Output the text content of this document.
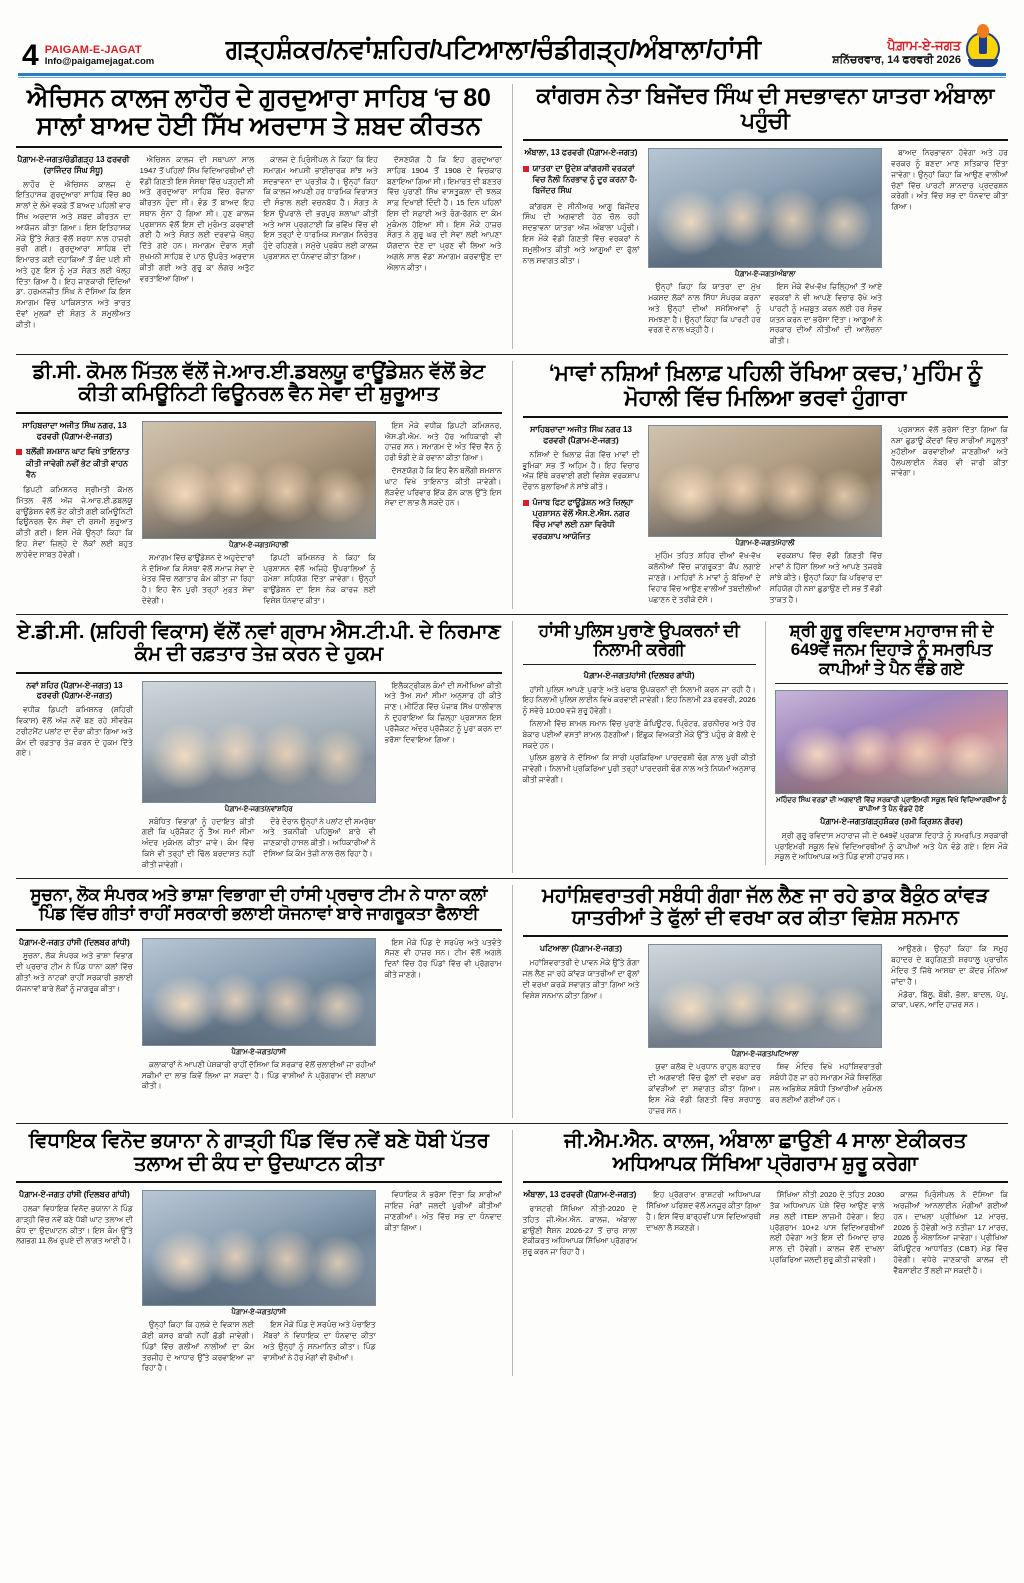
4 PAIGAM-E-JAGAT
Info@paigamejagat.com	ਗੜ੍ਹਸ਼ੰਕਰ/ਨਵਾਂਸ਼ਹਿਰ/ਪਟਿਆਲਾ/ਚੰਡੀਗੜ੍ਹ/ਅੰਬਾਲਾ/ਹਾਂਸੀ	ਪੈਗ਼ਾਮ-ਏ-ਜਗਤ
ਸ਼ਨਿੱਚਰਵਾਰ, 14 ਫਰਵਰੀ 2026
ਐਚਿਸਨ ਕਾਲਜ ਲਾਹੌਰ ਦੇ ਗੁਰਦੁਆਰਾ ਸਾਹਿਬ ‘ਚ 80 ਸਾਲਾਂ ਬਾਅਦ ਹੋਈ ਸਿੱਖ ਅਰਦਾਸ ਤੇ ਸ਼ਬਦ ਕੀਰਤਨ
ਪੈਗ਼ਾਮ-ਏ-ਜਗਤ/ਚੰਡੀਗੜ੍ਹ 13 ਫਰਵਰੀ (ਰਾਜਿੰਦਰ ਸਿੰਘ ਸੰਧੂ)

ਲਾਹੌਰ ਦੇ ਐਚਿਸਨ ਕਾਲਜ ਦੇ ਇਤਿਹਾਸਕ ਗੁਰਦੁਆਰਾ ਸਾਹਿਬ ਵਿੱਚ 80 ਸਾਲਾਂ ਦੇ ਲੰਮੇ ਵਕਫ਼ੇ ਤੋਂ ਬਾਅਦ ਪਹਿਲੀ ਵਾਰ ਸਿੱਖ ਅਰਦਾਸ ਅਤੇ ਸ਼ਬਦ ਕੀਰਤਨ ਦਾ ਆਯੋਜਨ ਕੀਤਾ ਗਿਆ। ਇਸ ਇਤਿਹਾਸਕ ਮੌਕੇ ਉੱਤੇ ਸੰਗਤ ਵੱਲੋਂ ਸ਼ਰਧਾ ਨਾਲ ਹਾਜ਼ਰੀ ਭਰੀ ਗਈ। ਗੁਰਦੁਆਰਾ ਸਾਹਿਬ ਦੀ ਇਮਾਰਤ ਕਈ ਦਹਾਕਿਆਂ ਤੋਂ ਬੰਦ ਪਈ ਸੀ ਅਤੇ ਹੁਣ ਇਸ ਨੂੰ ਮੁੜ ਸੰਗਤ ਲਈ ਖੋਲ੍ਹ ਦਿੱਤਾ ਗਿਆ ਹੈ। ਇਹ ਜਾਣਕਾਰੀ ਦਿੰਦਿਆਂ ਡਾ. ਹਰਮਨਜੀਤ ਸਿੰਘ ਨੇ ਦੱਸਿਆ ਕਿ ਇਸ ਸਮਾਗਮ ਵਿੱਚ ਪਾਕਿਸਤਾਨ ਅਤੇ ਭਾਰਤ ਦੋਵਾਂ ਮੁਲਕਾਂ ਦੀ ਸੰਗਤ ਨੇ ਸ਼ਮੂਲੀਅਤ ਕੀਤੀ।

ਐਚਿਸਨ ਕਾਲਜ ਦੀ ਸਥਾਪਨਾ ਸਾਲ 1947 ਤੋਂ ਪਹਿਲਾਂ ਸਿੱਖ ਵਿਦਿਆਰਥੀਆਂ ਦੀ ਵੱਡੀ ਗਿਣਤੀ ਇਸ ਸੰਸਥਾ ਵਿੱਚ ਪੜ੍ਹਦੀ ਸੀ ਅਤੇ ਗੁਰਦੁਆਰਾ ਸਾਹਿਬ ਵਿੱਚ ਰੋਜ਼ਾਨਾ ਕੀਰਤਨ ਹੁੰਦਾ ਸੀ। ਵੰਡ ਤੋਂ ਬਾਅਦ ਇਹ ਸਥਾਨ ਸੁੰਨਾ ਹੋ ਗਿਆ ਸੀ। ਹੁਣ ਕਾਲਜ ਪ੍ਰਸ਼ਾਸਨ ਵੱਲੋਂ ਇਸ ਦੀ ਮੁਰੰਮਤ ਕਰਵਾਈ ਗਈ ਹੈ ਅਤੇ ਸੰਗਤ ਲਈ ਦਰਵਾਜ਼ੇ ਖੋਲ੍ਹ ਦਿੱਤੇ ਗਏ ਹਨ। ਸਮਾਗਮ ਦੌਰਾਨ ਸ੍ਰੀ ਸੁਖਮਨੀ ਸਾਹਿਬ ਦੇ ਪਾਠ ਉਪਰੰਤ ਅਰਦਾਸ ਕੀਤੀ ਗਈ ਅਤੇ ਗੁਰੂ ਕਾ ਲੰਗਰ ਅਤੁੱਟ ਵਰਤਾਇਆ ਗਿਆ।

ਕਾਲਜ ਦੇ ਪ੍ਰਿੰਸੀਪਲ ਨੇ ਕਿਹਾ ਕਿ ਇਹ ਸਮਾਗਮ ਆਪਸੀ ਭਾਈਚਾਰਕ ਸਾਂਝ ਅਤੇ ਸਦਭਾਵਨਾ ਦਾ ਪ੍ਰਤੀਕ ਹੈ। ਉਨ੍ਹਾਂ ਕਿਹਾ ਕਿ ਕਾਲਜ ਆਪਣੀ ਹਰ ਧਾਰਮਿਕ ਵਿਰਾਸਤ ਦੀ ਸੰਭਾਲ ਲਈ ਵਚਨਬੱਧ ਹੈ। ਸੰਗਤ ਨੇ ਇਸ ਉਪਰਾਲੇ ਦੀ ਭਰਪੂਰ ਸ਼ਲਾਘਾ ਕੀਤੀ ਅਤੇ ਆਸ ਪ੍ਰਗਟਾਈ ਕਿ ਭਵਿੱਖ ਵਿੱਚ ਵੀ ਇਸ ਤਰ੍ਹਾਂ ਦੇ ਧਾਰਮਿਕ ਸਮਾਗਮ ਨਿਰੰਤਰ ਹੁੰਦੇ ਰਹਿਣਗੇ। ਸਮੁੱਚੇ ਪ੍ਰਬੰਧ ਲਈ ਕਾਲਜ ਪ੍ਰਸ਼ਾਸਨ ਦਾ ਧੰਨਵਾਦ ਕੀਤਾ ਗਿਆ।

ਦੱਸਣਯੋਗ ਹੈ ਕਿ ਇਹ ਗੁਰਦੁਆਰਾ ਸਾਹਿਬ 1904 ਤੋਂ 1908 ਦੇ ਵਿਚਕਾਰ ਬਣਾਇਆ ਗਿਆ ਸੀ। ਇਮਾਰਤ ਦੀ ਬਣਤਰ ਵਿੱਚ ਪੁਰਾਣੀ ਸਿੱਖ ਵਾਸਤੂਕਲਾ ਦੀ ਝਲਕ ਸਾਫ਼ ਦਿਖਾਈ ਦਿੰਦੀ ਹੈ। 15 ਦਿਨ ਪਹਿਲਾਂ ਇਸ ਦੀ ਸਫ਼ਾਈ ਅਤੇ ਰੰਗ-ਰੋਗਨ ਦਾ ਕੰਮ ਮੁਕੰਮਲ ਹੋਇਆ ਸੀ। ਇਸ ਮੌਕੇ ਹਾਜ਼ਰ ਸੰਗਤ ਨੇ ਗੁਰੂ ਘਰ ਦੀ ਸੇਵਾ ਲਈ ਆਪਣਾ ਯੋਗਦਾਨ ਦੇਣ ਦਾ ਪ੍ਰਣ ਵੀ ਲਿਆ ਅਤੇ ਅਗਲੇ ਸਾਲ ਵੱਡਾ ਸਮਾਗਮ ਕਰਵਾਉਣ ਦਾ ਐਲਾਨ ਕੀਤਾ।

ਕਾਂਗਰਸ ਨੇਤਾ ਬਿਜੇਂਦਰ ਸਿੰਘ ਦੀ ਸਦਭਾਵਨਾ ਯਾਤਰਾ ਅੰਬਾਲਾ ਪਹੁੰਚੀ
ਅੰਬਾਲਾ, 13 ਫਰਵਰੀ (ਪੈਗ਼ਾਮ-ਏ-ਜਗਤ)
ਯਾਤਰਾ ਦਾ ਉਦੇਸ਼ ਕਾਂਗਰਸੀ ਵਰਕਰਾਂ ਵਿਚ ਨੈਲੀ ਨਿਰਭਾਵ ਨੂੰ ਦੂਰ ਕਰਨਾ ਹੈ-ਬਿਜੇਂਦਰ ਸਿੰਘ

ਕਾਂਗਰਸ ਦੇ ਸੀਨੀਅਰ ਆਗੂ ਬਿਜੇਂਦਰ ਸਿੰਘ ਦੀ ਅਗਵਾਈ ਹੇਠ ਚੱਲ ਰਹੀ ਸਦਭਾਵਨਾ ਯਾਤਰਾ ਅੱਜ ਅੰਬਾਲਾ ਪਹੁੰਚੀ। ਇਸ ਮੌਕੇ ਵੱਡੀ ਗਿਣਤੀ ਵਿੱਚ ਵਰਕਰਾਂ ਨੇ ਸ਼ਮੂਲੀਅਤ ਕੀਤੀ ਅਤੇ ਆਗੂਆਂ ਦਾ ਫੁੱਲਾਂ ਨਾਲ ਸਵਾਗਤ ਕੀਤਾ।

ਪੈਗ਼ਾਮ-ਏ-ਜਗਤ/ਅੰਬਾਲਾ

ਉਨ੍ਹਾਂ ਕਿਹਾ ਕਿ ਯਾਤਰਾ ਦਾ ਮੁੱਖ ਮਕਸਦ ਲੋਕਾਂ ਨਾਲ ਸਿੱਧਾ ਸੰਪਰਕ ਕਰਨਾ ਅਤੇ ਉਨ੍ਹਾਂ ਦੀਆਂ ਸਮੱਸਿਆਵਾਂ ਨੂੰ ਸਮਝਣਾ ਹੈ। ਉਨ੍ਹਾਂ ਕਿਹਾ ਕਿ ਪਾਰਟੀ ਹਰ ਵਰਗ ਦੇ ਨਾਲ ਖੜ੍ਹੀ ਹੈ।

ਇਸ ਮੌਕੇ ਵੱਖ-ਵੱਖ ਜ਼ਿਲ੍ਹਿਆਂ ਤੋਂ ਆਏ ਵਰਕਰਾਂ ਨੇ ਵੀ ਆਪਣੇ ਵਿਚਾਰ ਰੱਖੇ ਅਤੇ ਪਾਰਟੀ ਨੂੰ ਮਜ਼ਬੂਤ ਕਰਨ ਲਈ ਹਰ ਸੰਭਵ ਯਤਨ ਕਰਨ ਦਾ ਭਰੋਸਾ ਦਿੱਤਾ। ਆਗੂਆਂ ਨੇ ਸਰਕਾਰ ਦੀਆਂ ਨੀਤੀਆਂ ਦੀ ਆਲੋਚਨਾ ਕੀਤੀ।

ਬਾਅਦ ਨਿਰਭਾਵਨਾ ਹੋਵੇਗਾ ਅਤੇ ਹਰ ਵਰਕਰ ਨੂੰ ਬਣਦਾ ਮਾਣ ਸਤਿਕਾਰ ਦਿੱਤਾ ਜਾਵੇਗਾ। ਉਨ੍ਹਾਂ ਕਿਹਾ ਕਿ ਆਉਣ ਵਾਲੀਆਂ ਚੋਣਾਂ ਵਿੱਚ ਪਾਰਟੀ ਸ਼ਾਨਦਾਰ ਪ੍ਰਦਰਸ਼ਨ ਕਰੇਗੀ। ਅੰਤ ਵਿੱਚ ਸਭ ਦਾ ਧੰਨਵਾਦ ਕੀਤਾ ਗਿਆ।

ਡੀ.ਸੀ. ਕੋਮਲ ਮਿੱਤਲ ਵੱਲੋਂ ਜੇ.ਆਰ.ਈ.ਡਬਲਯੂ ਫਾਊਂਡੇਸ਼ਨ ਵੱਲੋਂ ਭੇਟ ਕੀਤੀ ਕਮਿਊਨਿਟੀ ਫਿਊਨਰਲ ਵੈਨ ਸੇਵਾ ਦੀ ਸ਼ੁਰੂਆਤ
ਸਾਹਿਬਜ਼ਾਦਾ ਅਜੀਤ ਸਿੰਘ ਨਗਰ, 13 ਫਰਵਰੀ (ਪੈਗ਼ਾਮ-ਏ-ਜਗਤ)
ਬਲੌਂਗੀ ਸ਼ਮਸ਼ਾਨ ਘਾਟ ਵਿਖੇ ਤਾਇਨਾਤ ਕੀਤੀ ਜਾਵੇਗੀ ਨਵੀਂ ਭੇਟ ਕੀਤੀ ਵਾਹਨ ਵੈਨ

ਡਿਪਟੀ ਕਮਿਸ਼ਨਰ ਸ਼੍ਰੀਮਤੀ ਕੋਮਲ ਮਿੱਤਲ ਵੱਲੋਂ ਅੱਜ ਜੇ.ਆਰ.ਈ.ਡਬਲਯੂ ਫਾਊਂਡੇਸ਼ਨ ਵੱਲੋਂ ਭੇਟ ਕੀਤੀ ਗਈ ਕਮਿਊਨਿਟੀ ਫਿਊਨਰਲ ਵੈਨ ਸੇਵਾ ਦੀ ਰਸਮੀ ਸ਼ੁਰੂਆਤ ਕੀਤੀ ਗਈ। ਇਸ ਮੌਕੇ ਉਨ੍ਹਾਂ ਕਿਹਾ ਕਿ ਇਹ ਸੇਵਾ ਜ਼ਿਲ੍ਹੇ ਦੇ ਲੋਕਾਂ ਲਈ ਬਹੁਤ ਲਾਹੇਵੰਦ ਸਾਬਤ ਹੋਵੇਗੀ।

ਪੈਗ਼ਾਮ-ਏ-ਜਗਤ/ਮੋਹਾਲੀ

ਸਮਾਗਮ ਵਿੱਚ ਫਾਊਂਡੇਸ਼ਨ ਦੇ ਅਹੁਦੇਦਾਰਾਂ ਨੇ ਦੱਸਿਆ ਕਿ ਸੰਸਥਾ ਵੱਲੋਂ ਸਮਾਜ ਸੇਵਾ ਦੇ ਖੇਤਰ ਵਿੱਚ ਲਗਾਤਾਰ ਕੰਮ ਕੀਤਾ ਜਾ ਰਿਹਾ ਹੈ। ਇਹ ਵੈਨ ਪੂਰੀ ਤਰ੍ਹਾਂ ਮੁਫ਼ਤ ਸੇਵਾ ਦੇਵੇਗੀ।

ਡਿਪਟੀ ਕਮਿਸ਼ਨਰ ਨੇ ਕਿਹਾ ਕਿ ਪ੍ਰਸ਼ਾਸਨ ਵੱਲੋਂ ਅਜਿਹੇ ਉਪਰਾਲਿਆਂ ਨੂੰ ਹਮੇਸ਼ਾ ਸਹਿਯੋਗ ਦਿੱਤਾ ਜਾਵੇਗਾ। ਉਨ੍ਹਾਂ ਫਾਊਂਡੇਸ਼ਨ ਦਾ ਇਸ ਨੇਕ ਕਾਰਜ ਲਈ ਵਿਸ਼ੇਸ਼ ਧੰਨਵਾਦ ਕੀਤਾ।

ਇਸ ਮੌਕੇ ਵਧੀਕ ਡਿਪਟੀ ਕਮਿਸ਼ਨਰ, ਐਸ.ਡੀ.ਐਮ. ਅਤੇ ਹੋਰ ਅਧਿਕਾਰੀ ਵੀ ਹਾਜ਼ਰ ਸਨ। ਸਮਾਗਮ ਦੇ ਅੰਤ ਵਿੱਚ ਵੈਨ ਨੂੰ ਹਰੀ ਝੰਡੀ ਦੇ ਕੇ ਰਵਾਨਾ ਕੀਤਾ ਗਿਆ।

ਦੱਸਣਯੋਗ ਹੈ ਕਿ ਇਹ ਵੈਨ ਬਲੌਂਗੀ ਸ਼ਮਸ਼ਾਨ ਘਾਟ ਵਿਖੇ ਤਾਇਨਾਤ ਕੀਤੀ ਜਾਵੇਗੀ। ਲੋੜਵੰਦ ਪਰਿਵਾਰ ਇੱਕ ਫ਼ੋਨ ਕਾਲ ਉੱਤੇ ਇਸ ਸੇਵਾ ਦਾ ਲਾਭ ਲੈ ਸਕਦੇ ਹਨ।

‘ਮਾਵਾਂ ਨਸ਼ਿਆਂ ਖ਼ਿਲਾਫ਼ ਪਹਿਲੀ ਰੱਖਿਆ ਕਵਚ,’ ਮੁਹਿੰਮ ਨੂੰ ਮੋਹਾਲੀ ਵਿੱਚ ਮਿਲਿਆ ਭਰਵਾਂ ਹੁੰਗਾਰਾ
ਸਾਹਿਬਜ਼ਾਦਾ ਅਜੀਤ ਸਿੰਘ ਨਗਰ 13 ਫਰਵਰੀ (ਪੈਗ਼ਾਮ-ਏ-ਜਗਤ)

ਨਸ਼ਿਆਂ ਦੇ ਖ਼ਿਲਾਫ਼ ਜੰਗ ਵਿੱਚ ਮਾਵਾਂ ਦੀ ਭੂਮਿਕਾ ਸਭ ਤੋਂ ਅਹਿਮ ਹੈ। ਇਹ ਵਿਚਾਰ ਅੱਜ ਇੱਥੇ ਕਰਵਾਈ ਗਈ ਵਿਸ਼ੇਸ਼ ਵਰਕਸ਼ਾਪ ਦੌਰਾਨ ਬੁਲਾਰਿਆਂ ਨੇ ਸਾਂਝੇ ਕੀਤੇ।

ਪੰਜਾਬ ਫਿਟ ਫਾਊਂਡੇਸ਼ਨ ਅਤੇ ਜ਼ਿਲ੍ਹਾ ਪ੍ਰਸ਼ਾਸਨ ਵੱਲੋਂ ਐਸ.ਏ.ਐਸ. ਨਗਰ ਵਿੱਚ ਮਾਵਾਂ ਲਈ ਨਸ਼ਾ ਵਿਰੋਧੀ ਵਰਕਸ਼ਾਪ ਆਯੋਜਿਤ
ਪੈਗ਼ਾਮ-ਏ-ਜਗਤ/ਮੋਹਾਲੀ

ਮੁਹਿੰਮ ਤਹਿਤ ਸ਼ਹਿਰ ਦੀਆਂ ਵੱਖ-ਵੱਖ ਕਲੋਨੀਆਂ ਵਿੱਚ ਜਾਗਰੂਕਤਾ ਕੈਂਪ ਲਗਾਏ ਜਾਣਗੇ। ਮਾਹਿਰਾਂ ਨੇ ਮਾਵਾਂ ਨੂੰ ਬੱਚਿਆਂ ਦੇ ਵਿਹਾਰ ਵਿੱਚ ਆਉਣ ਵਾਲੀਆਂ ਤਬਦੀਲੀਆਂ ਪਛਾਣਨ ਦੇ ਤਰੀਕੇ ਦੱਸੇ।

ਵਰਕਸ਼ਾਪ ਵਿੱਚ ਵੱਡੀ ਗਿਣਤੀ ਵਿੱਚ ਮਾਵਾਂ ਨੇ ਹਿੱਸਾ ਲਿਆ ਅਤੇ ਆਪਣੇ ਤਜਰਬੇ ਸਾਂਝੇ ਕੀਤੇ। ਉਨ੍ਹਾਂ ਕਿਹਾ ਕਿ ਪਰਿਵਾਰ ਦਾ ਸਹਿਯੋਗ ਹੀ ਨਸ਼ਾ ਛੁਡਾਉਣ ਦੀ ਸਭ ਤੋਂ ਵੱਡੀ ਤਾਕਤ ਹੈ।

ਪ੍ਰਸ਼ਾਸਨ ਵੱਲੋਂ ਭਰੋਸਾ ਦਿੱਤਾ ਗਿਆ ਕਿ ਨਸ਼ਾ ਛੁਡਾਊ ਕੇਂਦਰਾਂ ਵਿੱਚ ਸਾਰੀਆਂ ਸਹੂਲਤਾਂ ਮੁਹੱਈਆ ਕਰਵਾਈਆਂ ਜਾਣਗੀਆਂ ਅਤੇ ਹੈਲਪਲਾਈਨ ਨੰਬਰ ਵੀ ਜਾਰੀ ਕੀਤਾ ਜਾਵੇਗਾ।

ਏ.ਡੀ.ਸੀ. (ਸ਼ਹਿਰੀ ਵਿਕਾਸ) ਵੱਲੋਂ ਨਵਾਂ ਗ੍ਰਾਮ ਐਸ.ਟੀ.ਪੀ. ਦੇ ਨਿਰਮਾਣ ਕੰਮ ਦੀ ਰਫ਼ਤਾਰ ਤੇਜ਼ ਕਰਨ ਦੇ ਹੁਕਮ
ਨਵਾਂ ਸ਼ਹਿਰ (ਪੈਗ਼ਾਮ-ਏ-ਜਗਤ) 13 ਫਰਵਰੀ (ਪੈਗ਼ਾਮ-ਏ-ਜਗਤ)

ਵਧੀਕ ਡਿਪਟੀ ਕਮਿਸ਼ਨਰ (ਸ਼ਹਿਰੀ ਵਿਕਾਸ) ਵੱਲੋਂ ਅੱਜ ਨਵੇਂ ਬਣ ਰਹੇ ਸੀਵਰੇਜ ਟਰੀਟਮੈਂਟ ਪਲਾਂਟ ਦਾ ਦੌਰਾ ਕੀਤਾ ਗਿਆ ਅਤੇ ਕੰਮ ਦੀ ਰਫ਼ਤਾਰ ਤੇਜ਼ ਕਰਨ ਦੇ ਹੁਕਮ ਦਿੱਤੇ ਗਏ।

ਪੈਗ਼ਾਮ-ਏ-ਜਗਤ/ਨਵਾਂਸ਼ਹਿਰ

ਸਬੰਧਿਤ ਵਿਭਾਗਾਂ ਨੂੰ ਹਦਾਇਤ ਕੀਤੀ ਗਈ ਕਿ ਪ੍ਰੋਜੈਕਟ ਨੂੰ ਤੈਅ ਸਮਾਂ ਸੀਮਾ ਅੰਦਰ ਮੁਕੰਮਲ ਕੀਤਾ ਜਾਵੇ। ਕੰਮ ਵਿੱਚ ਕਿਸੇ ਵੀ ਤਰ੍ਹਾਂ ਦੀ ਢਿੱਲ ਬਰਦਾਸ਼ਤ ਨਹੀਂ ਕੀਤੀ ਜਾਵੇਗੀ।

ਦੌਰੇ ਦੌਰਾਨ ਉਨ੍ਹਾਂ ਨੇ ਪਲਾਂਟ ਦੀ ਸਮਰੱਥਾ ਅਤੇ ਤਕਨੀਕੀ ਪਹਿਲੂਆਂ ਬਾਰੇ ਵੀ ਜਾਣਕਾਰੀ ਹਾਸਲ ਕੀਤੀ। ਅਧਿਕਾਰੀਆਂ ਨੇ ਦੱਸਿਆ ਕਿ ਕੰਮ ਤੇਜ਼ੀ ਨਾਲ ਚੱਲ ਰਿਹਾ ਹੈ।

ਇਲੈਕਟ੍ਰੀਕਲ ਕੰਮਾਂ ਦੀ ਸਮੀਖਿਆ ਕੀਤੀ ਅਤੇ ਤੈਅ ਸਮਾਂ ਸੀਮਾ ਅਨੁਸਾਰ ਹੀ ਕੀਤੇ ਜਾਣ। ਮੀਟਿੰਗ ਵਿੱਚ ਪੰਜਾਬ ਸਿੱਖ ਧਾਲੀਵਾਲ ਨੇ ਦੁਹਰਾਇਆ ਕਿ ਜ਼ਿਲ੍ਹਾ ਪ੍ਰਸ਼ਾਸਨ ਇਸ ਪ੍ਰੋਜੈਕਟ ਅੰਦਰ ਪ੍ਰੋਜੈਕਟ ਨੂੰ ਪੂਰਾ ਕਰਨ ਦਾ ਭਰੋਸਾ ਦਿਵਾਇਆ ਗਿਆ।

ਹਾਂਸੀ ਪੁਲਿਸ ਪੁਰਾਣੇ ਉਪਕਰਨਾਂ ਦੀ ਨਿਲਾਮੀ ਕਰੇਗੀ
ਪੈਗ਼ਾਮ-ਏ-ਜਗਤ/ਹਾਂਸੀ (ਦਿਲਬਰ ਗਾਂਧੀ)

ਹਾਂਸੀ ਪੁਲਿਸ ਆਪਣੇ ਪੁਰਾਣੇ ਅਤੇ ਖ਼ਰਾਬ ਉਪਕਰਨਾਂ ਦੀ ਨਿਲਾਮੀ ਕਰਨ ਜਾ ਰਹੀ ਹੈ। ਇਹ ਨਿਲਾਮੀ ਪੁਲਿਸ ਲਾਈਨ ਵਿਖੇ ਕਰਵਾਈ ਜਾਵੇਗੀ। ਇਹ ਨਿਲਾਮੀ 23 ਫਰਵਰੀ, 2026 ਨੂੰ ਸਵੇਰੇ 10:00 ਵਜੇ ਸ਼ੁਰੂ ਹੋਵੇਗੀ।

ਨਿਲਾਮੀ ਵਿੱਚ ਸ਼ਾਮਲ ਸਮਾਨ ਵਿੱਚ ਪੁਰਾਣੇ ਕੰਪਿਊਟਰ, ਪ੍ਰਿੰਟਰ, ਫ਼ਰਨੀਚਰ ਅਤੇ ਹੋਰ ਬੇਕਾਰ ਪਈਆਂ ਵਸਤਾਂ ਸ਼ਾਮਲ ਹੋਣਗੀਆਂ। ਇੱਛੁਕ ਵਿਅਕਤੀ ਮੌਕੇ ਉੱਤੇ ਪਹੁੰਚ ਕੇ ਬੋਲੀ ਦੇ ਸਕਦੇ ਹਨ।

ਪੁਲਿਸ ਬੁਲਾਰੇ ਨੇ ਦੱਸਿਆ ਕਿ ਸਾਰੀ ਪ੍ਰਕਿਰਿਆ ਪਾਰਦਰਸ਼ੀ ਢੰਗ ਨਾਲ ਪੂਰੀ ਕੀਤੀ ਜਾਵੇਗੀ। ਨਿਲਾਮੀ ਪ੍ਰਕਿਰਿਆ ਪੂਰੀ ਤਰ੍ਹਾਂ ਪਾਰਦਰਸ਼ੀ ਢੰਗ ਨਾਲ ਅਤੇ ਨਿਯਮਾਂ ਅਨੁਸਾਰ ਕੀਤੀ ਜਾਵੇਗੀ।

ਸ਼੍ਰੀ ਗੁਰੂ ਰਵਿਦਾਸ ਮਹਾਰਾਜ ਜੀ ਦੇ 649ਵੇਂ ਜਨਮ ਦਿਹਾੜੇ ਨੂੰ ਸਮਰਪਿਤ ਕਾਪੀਆਂ ਤੇ ਪੈਨ ਵੰਡੇ ਗਏ
ਮਹਿੰਦਰ ਸਿੰਘ ਵਰਡਾਂ ਦੀ ਅਗਵਾਈ ਵਿੱਚ ਸਰਕਾਰੀ ਪ੍ਰਾਇਮਰੀ ਸਕੂਲ ਵਿਖੇ ਵਿਦਿਆਰਥੀਆਂ ਨੂੰ ਕਾਪੀਆਂ ਤੇ ਪੈਨ ਵੰਡਦੇ ਹੋਏ
ਪੈਗ਼ਾਮ-ਏ-ਜਗਤ/ਗੜ੍ਹਸ਼ੰਕਰ (ਰਮੀ ਕ੍ਰਿਸ਼ਨ ਗੌਰਵ)

ਸ਼੍ਰੀ ਗੁਰੂ ਰਵਿਦਾਸ ਮਹਾਰਾਜ ਜੀ ਦੇ 649ਵੇਂ ਪ੍ਰਕਾਸ਼ ਦਿਹਾੜੇ ਨੂੰ ਸਮਰਪਿਤ ਸਰਕਾਰੀ ਪ੍ਰਾਇਮਰੀ ਸਕੂਲ ਵਿਖੇ ਵਿਦਿਆਰਥੀਆਂ ਨੂੰ ਕਾਪੀਆਂ ਅਤੇ ਪੈਨ ਵੰਡੇ ਗਏ। ਇਸ ਮੌਕੇ ਸਕੂਲ ਦੇ ਅਧਿਆਪਕ ਅਤੇ ਪਿੰਡ ਵਾਸੀ ਹਾਜ਼ਰ ਸਨ।

ਸੂਚਨਾ, ਲੋਕ ਸੰਪਰਕ ਅਤੇ ਭਾਸ਼ਾ ਵਿਭਾਗਾ ਦੀ ਹਾਂਸੀ ਪ੍ਰਚਾਰ ਟੀਮ ਨੇ ਧਾਨਾ ਕਲਾਂ ਪਿੰਡ ਵਿੱਚ ਗੀਤਾਂ ਰਾਹੀਂ ਸਰਕਾਰੀ ਭਲਾਈ ਯੋਜਨਾਵਾਂ ਬਾਰੇ ਜਾਗਰੂਕਤਾ ਫੈਲਾਈ
ਪੈਗ਼ਾਮ-ਏ-ਜਗਤ ਹਾਂਸੀ (ਦਿਲਬਰ ਗਾਂਧੀ)

ਸੂਚਨਾ, ਲੋਕ ਸੰਪਰਕ ਅਤੇ ਭਾਸ਼ਾ ਵਿਭਾਗ ਦੀ ਪ੍ਰਚਾਰ ਟੀਮ ਨੇ ਪਿੰਡ ਧਾਨਾ ਕਲਾਂ ਵਿੱਚ ਗੀਤਾਂ ਅਤੇ ਨਾਟਕਾਂ ਰਾਹੀਂ ਸਰਕਾਰੀ ਭਲਾਈ ਯੋਜਨਾਵਾਂ ਬਾਰੇ ਲੋਕਾਂ ਨੂੰ ਜਾਗਰੂਕ ਕੀਤਾ।

ਪੈਗ਼ਾਮ-ਏ-ਜਗਤ/ਹਾਂਸੀ

ਕਲਾਕਾਰਾਂ ਨੇ ਆਪਣੀ ਪੇਸ਼ਕਾਰੀ ਰਾਹੀਂ ਦੱਸਿਆ ਕਿ ਸਰਕਾਰ ਵੱਲੋਂ ਚਲਾਈਆਂ ਜਾ ਰਹੀਆਂ ਸਕੀਮਾਂ ਦਾ ਲਾਭ ਕਿਵੇਂ ਲਿਆ ਜਾ ਸਕਦਾ ਹੈ। ਪਿੰਡ ਵਾਸੀਆਂ ਨੇ ਪ੍ਰੋਗਰਾਮ ਦੀ ਸ਼ਲਾਘਾ ਕੀਤੀ।

ਇਸ ਮੌਕੇ ਪਿੰਡ ਦੇ ਸਰਪੰਚ ਅਤੇ ਪਤਵੰਤੇ ਸੱਜਣ ਵੀ ਹਾਜ਼ਰ ਸਨ। ਟੀਮ ਵੱਲੋਂ ਅਗਲੇ ਦਿਨਾਂ ਵਿੱਚ ਹੋਰ ਪਿੰਡਾਂ ਵਿੱਚ ਵੀ ਪ੍ਰੋਗਰਾਮ ਕੀਤੇ ਜਾਣਗੇ।

ਮਹਾਂਸ਼ਿਵਰਾਤਰੀ ਸਬੰਧੀ ਗੰਗਾ ਜੱਲ ਲੈਣ ਜਾ ਰਹੇ ਡਾਕ ਬੈਕੁੰਠ ਕਾਂਵੜ ਯਾਤਰੀਆਂ ਤੇ ਫੁੱਲਾਂ ਦੀ ਵਰਖਾ ਕਰ ਕੀਤਾ ਵਿਸ਼ੇਸ਼ ਸਨਮਾਨ
ਪਟਿਆਲਾ (ਪੈਗ਼ਾਮ-ਏ-ਜਗਤ)

ਮਹਾਂਸ਼ਿਵਰਾਤਰੀ ਦੇ ਪਾਵਨ ਮੌਕੇ ਉੱਤੇ ਗੰਗਾ ਜਲ ਲੈਣ ਜਾ ਰਹੇ ਕਾਂਵੜ ਯਾਤਰੀਆਂ ਦਾ ਫੁੱਲਾਂ ਦੀ ਵਰਖਾ ਕਰਕੇ ਸਵਾਗਤ ਕੀਤਾ ਗਿਆ ਅਤੇ ਵਿਸ਼ੇਸ਼ ਸਨਮਾਨ ਕੀਤਾ ਗਿਆ।

ਪੈਗ਼ਾਮ-ਏ-ਜਗਤ/ਪਟਿਆਲਾ

ਯੁਵਾ ਕਲੱਬ ਦੇ ਪ੍ਰਧਾਨ ਰਾਹੁਲ ਬਹਾਦਰ ਦੀ ਅਗਵਾਈ ਵਿੱਚ ਫੁੱਲਾਂ ਦੀ ਵਰਖਾ ਕਰ ਕਾਂਵੜੀਆਂ ਦਾ ਸਵਾਗਤ ਕੀਤਾ ਗਿਆ। ਇਸ ਮੌਕੇ ਵੱਡੀ ਗਿਣਤੀ ਵਿੱਚ ਸ਼ਰਧਾਲੂ ਹਾਜ਼ਰ ਸਨ।

ਸ਼ਿਵ ਮੰਦਿਰ ਵਿਖੇ ਮਹਾਂਸ਼ਿਵਰਾਤਰੀ ਸਬੰਧੀ ਹੋਣ ਜਾ ਰਹੇ ਸਮਾਗਮ ਮੌਕੇ ਸ਼ਿਵਲਿੰਗ ਜਲ ਅਭਿਸ਼ੇਕ ਸਬੰਧੀ ਤਿਆਰੀਆਂ ਮੁਕੰਮਲ ਕਰ ਲਈਆਂ ਗਈਆਂ ਹਨ।

ਆਉਣਗੇ। ਉਨ੍ਹਾਂ ਕਿਹਾ ਕਿ ਸਮੂਹ ਬਹਾਦਰ ਦੇ ਬਹੁਗਿਣਤੀ ਸ਼ਰਧਾਲੂ ਪ੍ਰਾਚੀਨ ਮੰਦਿਰ ਤੋਂ ਜਿੱਥੇ ਆਸਥਾ ਦਾ ਕੇਂਦਰ ਮੰਨਿਆ ਜਾਂਦਾ ਹੈ।

ਮੰਡੋਰਾ, ਬਿੱਲੂ, ਬੌਬੀ, ਭੱਲਾ, ਬਾਦਲ, ਪੱਪੂ, ਕਾਕਾ, ਪਵਨ, ਆਦਿ ਹਾਜ਼ਰ ਸਨ।

ਵਿਧਾਇਕ ਵਿਨੋਦ ਭਯਾਨਾ ਨੇ ਗਾੜ੍ਹੀ ਪਿੰਡ ਵਿੱਚ ਨਵੇਂ ਬਣੇ ਧੋਬੀ ਪੱਤਰ ਤਲਾਅ ਦੀ ਕੰਧ ਦਾ ਉਦਘਾਟਨ ਕੀਤਾ
ਪੈਗ਼ਾਮ-ਏ-ਜਗਤ ਹਾਂਸੀ (ਦਿਲਬਰ ਗਾਂਧੀ)

ਹਲਕਾ ਵਿਧਾਇਕ ਵਿਨੋਦ ਭਯਾਨਾ ਨੇ ਪਿੰਡ ਗਾੜ੍ਹੀ ਵਿੱਚ ਨਵੇਂ ਬਣੇ ਧੋਬੀ ਘਾਟ ਤਲਾਅ ਦੀ ਕੰਧ ਦਾ ਉਦਘਾਟਨ ਕੀਤਾ। ਇਸ ਕੰਮ ਉੱਤੇ ਲਗਭਗ 11 ਲੱਖ ਰੁਪਏ ਦੀ ਲਾਗਤ ਆਈ ਹੈ।

ਪੈਗ਼ਾਮ-ਏ-ਜਗਤ/ਹਾਂਸੀ

ਉਨ੍ਹਾਂ ਕਿਹਾ ਕਿ ਹਲਕੇ ਦੇ ਵਿਕਾਸ ਲਈ ਕੋਈ ਕਸਰ ਬਾਕੀ ਨਹੀਂ ਛੱਡੀ ਜਾਵੇਗੀ। ਪਿੰਡਾਂ ਵਿੱਚ ਗਲੀਆਂ ਨਾਲੀਆਂ ਦਾ ਕੰਮ ਤਰਜੀਹ ਦੇ ਆਧਾਰ ਉੱਤੇ ਕਰਵਾਇਆ ਜਾ ਰਿਹਾ ਹੈ।

ਇਸ ਮੌਕੇ ਪਿੰਡ ਦੇ ਸਰਪੰਚ ਅਤੇ ਪੰਚਾਇਤ ਮੈਂਬਰਾਂ ਨੇ ਵਿਧਾਇਕ ਦਾ ਧੰਨਵਾਦ ਕੀਤਾ ਅਤੇ ਉਨ੍ਹਾਂ ਨੂੰ ਸਨਮਾਨਿਤ ਕੀਤਾ। ਪਿੰਡ ਵਾਸੀਆਂ ਨੇ ਹੋਰ ਮੰਗਾਂ ਵੀ ਰੱਖੀਆਂ।

ਵਿਧਾਇਕ ਨੇ ਭਰੋਸਾ ਦਿੱਤਾ ਕਿ ਸਾਰੀਆਂ ਜਾਇਜ਼ ਮੰਗਾਂ ਜਲਦੀ ਪੂਰੀਆਂ ਕੀਤੀਆਂ ਜਾਣਗੀਆਂ। ਅੰਤ ਵਿੱਚ ਸਭ ਦਾ ਧੰਨਵਾਦ ਕੀਤਾ ਗਿਆ।

ਜੀ.ਐਮ.ਐਨ. ਕਾਲਜ, ਅੰਬਾਲਾ ਛਾਉਣੀ 4 ਸਾਲਾ ਏਕੀਕਰਤ ਅਧਿਆਪਕ ਸਿੱਖਿਆ ਪ੍ਰੋਗਰਾਮ ਸ਼ੁਰੂ ਕਰੇਗਾ
ਅੰਬਾਲਾ, 13 ਫਰਵਰੀ (ਪੈਗ਼ਾਮ-ਏ-ਜਗਤ)

ਰਾਸ਼ਟਰੀ ਸਿੱਖਿਆ ਨੀਤੀ-2020 ਦੇ ਤਹਿਤ ਜੀ.ਐਮ.ਐਨ. ਕਾਲਜ, ਅੰਬਾਲਾ ਛਾਉਣੀ ਸੈਸ਼ਨ 2026-27 ਤੋਂ ਚਾਰ ਸਾਲਾ ਏਕੀਕਰਤ ਅਧਿਆਪਕ ਸਿੱਖਿਆ ਪ੍ਰੋਗਰਾਮ ਸ਼ੁਰੂ ਕਰਨ ਜਾ ਰਿਹਾ ਹੈ।

ਇਹ ਪ੍ਰੋਗਰਾਮ ਰਾਸ਼ਟਰੀ ਅਧਿਆਪਕ ਸਿੱਖਿਆ ਪਰਿਸ਼ਦ ਵੱਲੋਂ ਮਨਜ਼ੂਰ ਕੀਤਾ ਗਿਆ ਹੈ। ਇਸ ਵਿੱਚ ਬਾਰ੍ਹਵੀਂ ਪਾਸ ਵਿਦਿਆਰਥੀ ਦਾਖਲਾ ਲੈ ਸਕਣਗੇ।

ਸਿੱਖਿਆ ਨੀਤੀ 2020 ਦੇ ਤਹਿਤ 2030 ਤੱਕ ਅਧਿਆਪਨ ਪੇਸ਼ੇ ਵਿੱਚ ਆਉਣ ਵਾਲੇ ਸਭ ਲਈ ITEP ਲਾਜ਼ਮੀ ਹੋਵੇਗਾ। ਇਹ ਪ੍ਰੋਗਰਾਮ 10+2 ਪਾਸ ਵਿਦਿਆਰਥੀਆਂ ਲਈ ਹੋਵੇਗਾ ਅਤੇ ਇਸ ਦੀ ਮਿਆਦ ਚਾਰ ਸਾਲ ਦੀ ਹੋਵੇਗੀ। ਕਾਲਜ ਵੱਲੋਂ ਦਾਖਲਾ ਪ੍ਰਕਿਰਿਆ ਜਲਦੀ ਸ਼ੁਰੂ ਕੀਤੀ ਜਾਵੇਗੀ।

ਕਾਲਜ ਪ੍ਰਿੰਸੀਪਲ ਨੇ ਦੱਸਿਆ ਕਿ ਅਰਜ਼ੀਆਂ ਆਨਲਾਈਨ ਮੰਗੀਆਂ ਗਈਆਂ ਹਨ। ਦਾਖਲਾ ਪ੍ਰੀਖਿਆ 12 ਮਾਰਚ, 2026 ਨੂੰ ਹੋਵੇਗੀ ਅਤੇ ਨਤੀਜਾ 17 ਮਾਰਚ, 2026 ਨੂੰ ਐਲਾਨਿਆ ਜਾਵੇਗਾ। ਪ੍ਰੀਖਿਆ ਕੰਪਿਊਟਰ ਆਧਾਰਿਤ (CBT) ਮੋਡ ਵਿੱਚ ਹੋਵੇਗੀ। ਵਧੇਰੇ ਜਾਣਕਾਰੀ ਕਾਲਜ ਦੀ ਵੈੱਬਸਾਈਟ ਤੋਂ ਲਈ ਜਾ ਸਕਦੀ ਹੈ।
